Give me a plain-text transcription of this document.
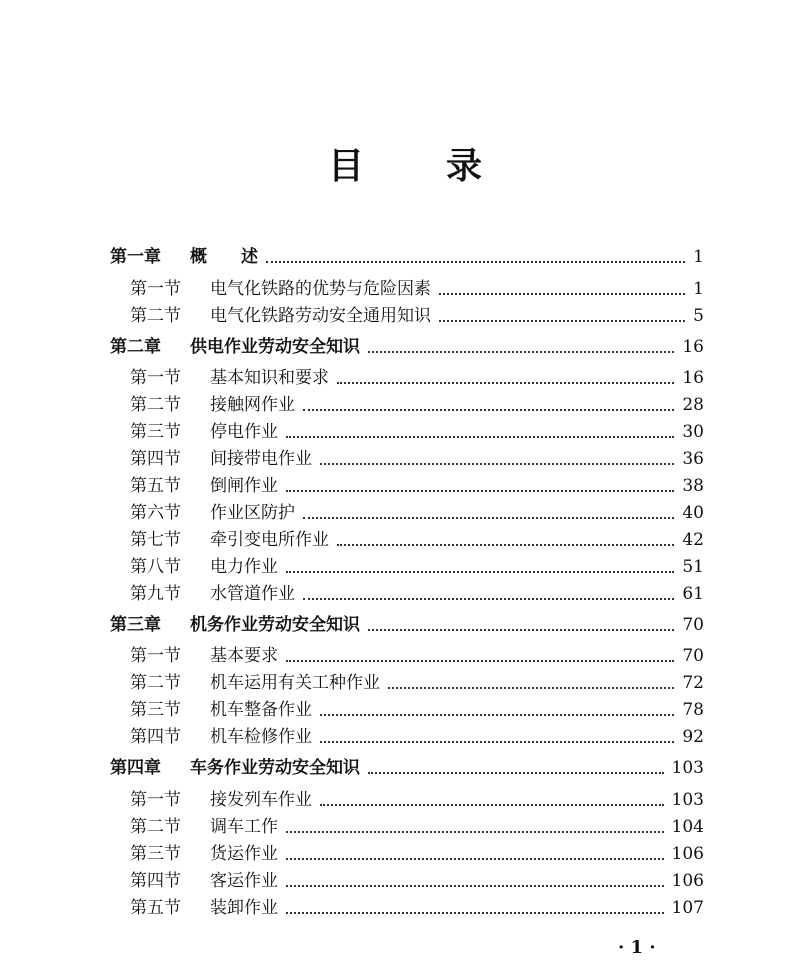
目 录
第一章 概　　述	1
第一节 电气化铁路的优势与危险因素	1
第二节 电气化铁路劳动安全通用知识	5
第二章 供电作业劳动安全知识	16
第一节 基本知识和要求	16
第二节 接触网作业	28
第三节 停电作业	30
第四节 间接带电作业	36
第五节 倒闸作业	38
第六节 作业区防护	40
第七节 牵引变电所作业	42
第八节 电力作业	51
第九节 水管道作业	61
第三章 机务作业劳动安全知识	70
第一节 基本要求	70
第二节 机车运用有关工种作业	72
第三节 机车整备作业	78
第四节 机车检修作业	92
第四章 车务作业劳动安全知识	103
第一节 接发列车作业	103
第二节 调车工作	104
第三节 货运作业	106
第四节 客运作业	106
第五节 装卸作业	107
· 1 ·
